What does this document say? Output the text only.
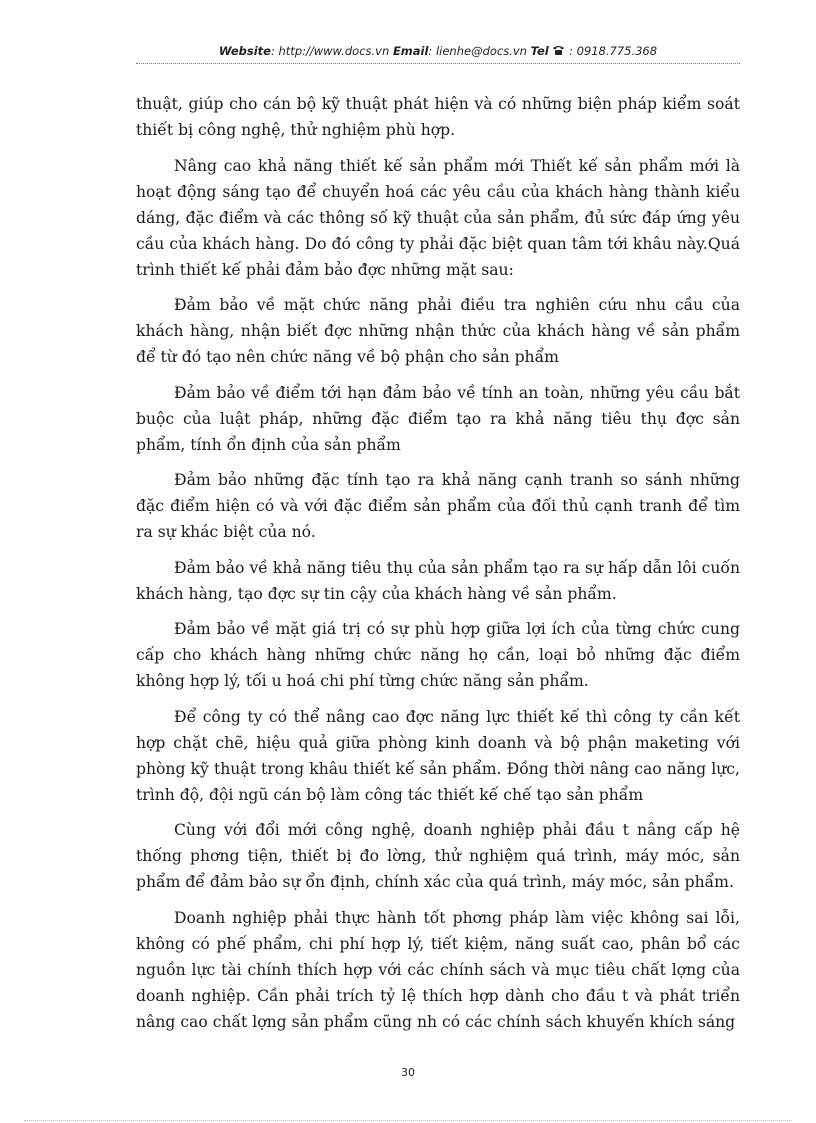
Website: http://www.docs.vn Email: lienhe@docs.vn Tel : 0918.775.368

thuật, giúp cho cán bộ kỹ thuật phát hiện và có những biện pháp kiểm soát thiết bị công nghệ, thử nghiệm phù hợp.

Nâng cao khả năng thiết kế sản phẩm mới Thiết kế sản phẩm mới là hoạt động sáng tạo để chuyển hoá các yêu cầu của khách hàng thành kiểu dáng, đặc điểm và các thông số kỹ thuật của sản phẩm, đủ sức đáp ứng yêu cầu của khách hàng. Do đó công ty phải đặc biệt quan tâm tới khâu này.Quá trình thiết kế phải đảm bảo đợc những mặt sau:

Đảm bảo về mặt chức năng phải điều tra nghiên cứu nhu cầu của khách hàng, nhận biết đợc những nhận thức của khách hàng về sản phẩm để từ đó tạo nên chức năng về bộ phận cho sản phẩm

Đảm bảo về điểm tới hạn đảm bảo về tính an toàn, những yêu cầu bắt buộc của luật pháp, những đặc điểm tạo ra khả năng tiêu thụ đợc sản phẩm, tính ổn định của sản phẩm

Đảm bảo những đặc tính tạo ra khả năng cạnh tranh so sánh những đặc điểm hiện có và với đặc điểm sản phẩm của đối thủ cạnh tranh để tìm ra sự khác biệt của nó.

Đảm bảo về khả năng tiêu thụ của sản phẩm tạo ra sự hấp dẫn lôi cuốn khách hàng, tạo đợc sự tin cậy của khách hàng về sản phẩm.

Đảm bảo về mặt giá trị có sự phù hợp giữa lợi ích của từng chức cung cấp cho khách hàng những chức năng họ cần, loại bỏ những đặc điểm không hợp lý, tối u hoá chi phí từng chức năng sản phẩm.

Để công ty có thể nâng cao đợc năng lực thiết kế thì công ty cần kết hợp chặt chẽ, hiệu quả giữa phòng kinh doanh và bộ phận maketing với phòng kỹ thuật trong khâu thiết kế sản phẩm. Đồng thời nâng cao năng lực, trình độ, đội ngũ cán bộ làm công tác thiết kế chế tạo sản phẩm

Cùng với đổi mới công nghệ, doanh nghiệp phải đầu t nâng cấp hệ thống phơng tiện, thiết bị đo lờng, thử nghiệm quá trình, máy móc, sản phẩm để đảm bảo sự ổn định, chính xác của quá trình, máy móc, sản phẩm.

Doanh nghiệp phải thực hành tốt phơng pháp làm việc không sai lỗi, không có phế phẩm, chi phí hợp lý, tiết kiệm, năng suất cao, phân bổ các nguồn lực tài chính thích hợp với các chính sách và mục tiêu chất lợng của doanh nghiệp. Cần phải trích tỷ lệ thích hợp dành cho đầu t và phát triển nâng cao chất lợng sản phẩm cũng nh có các chính sách khuyến khích sáng

30
